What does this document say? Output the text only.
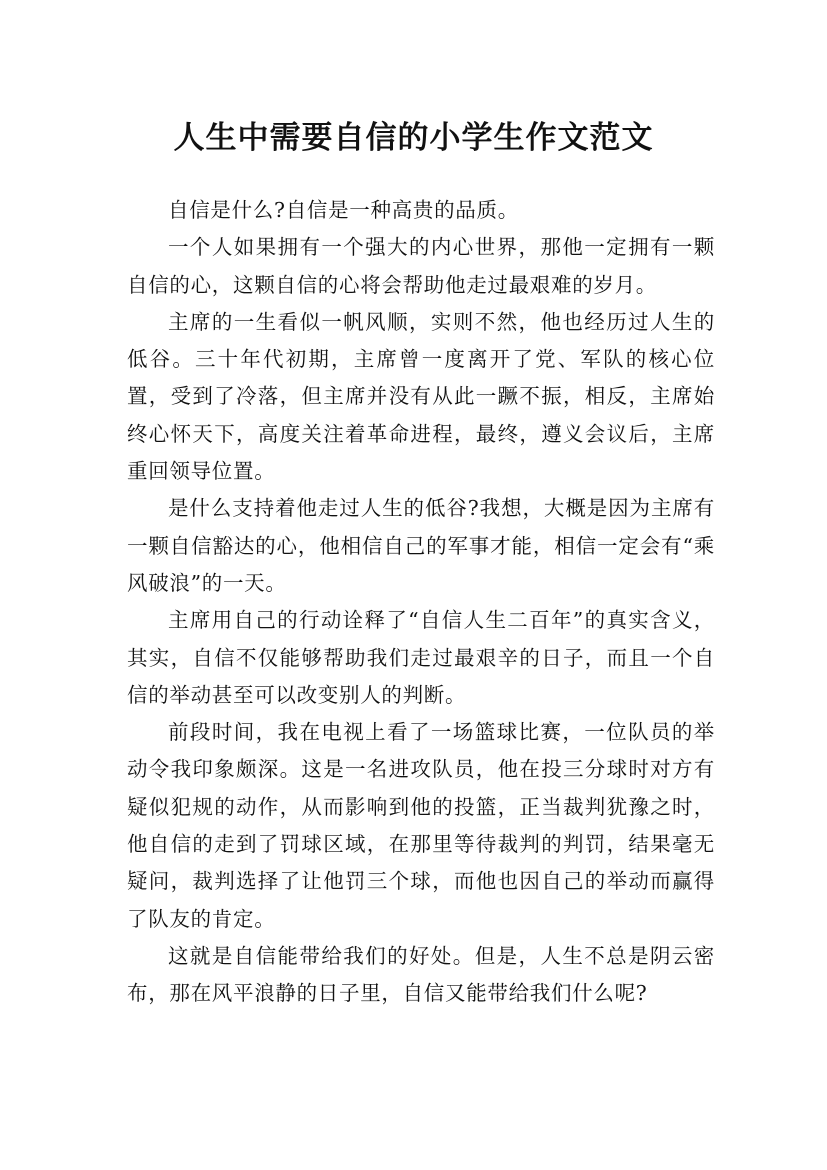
人生中需要自信的小学生作文范文

自信是什么?自信是一种高贵的品质。

一个人如果拥有一个强大的内心世界，那他一定拥有一颗自信的心，这颗自信的心将会帮助他走过最艰难的岁月。

主席的一生看似一帆风顺，实则不然，他也经历过人生的低谷。三十年代初期，主席曾一度离开了党、军队的核心位置，受到了冷落，但主席并没有从此一蹶不振，相反，主席始终心怀天下，高度关注着革命进程，最终，遵义会议后，主席重回领导位置。

是什么支持着他走过人生的低谷?我想，大概是因为主席有一颗自信豁达的心，他相信自己的军事才能，相信一定会有“乘风破浪”的一天。

主席用自己的行动诠释了“自信人生二百年”的真实含义，其实，自信不仅能够帮助我们走过最艰辛的日子，而且一个自信的举动甚至可以改变别人的判断。

前段时间，我在电视上看了一场篮球比赛，一位队员的举动令我印象颇深。这是一名进攻队员，他在投三分球时对方有疑似犯规的动作，从而影响到他的投篮，正当裁判犹豫之时，他自信的走到了罚球区域，在那里等待裁判的判罚，结果毫无疑问，裁判选择了让他罚三个球，而他也因自己的举动而赢得了队友的肯定。

这就是自信能带给我们的好处。但是，人生不总是阴云密布，那在风平浪静的日子里，自信又能带给我们什么呢?
